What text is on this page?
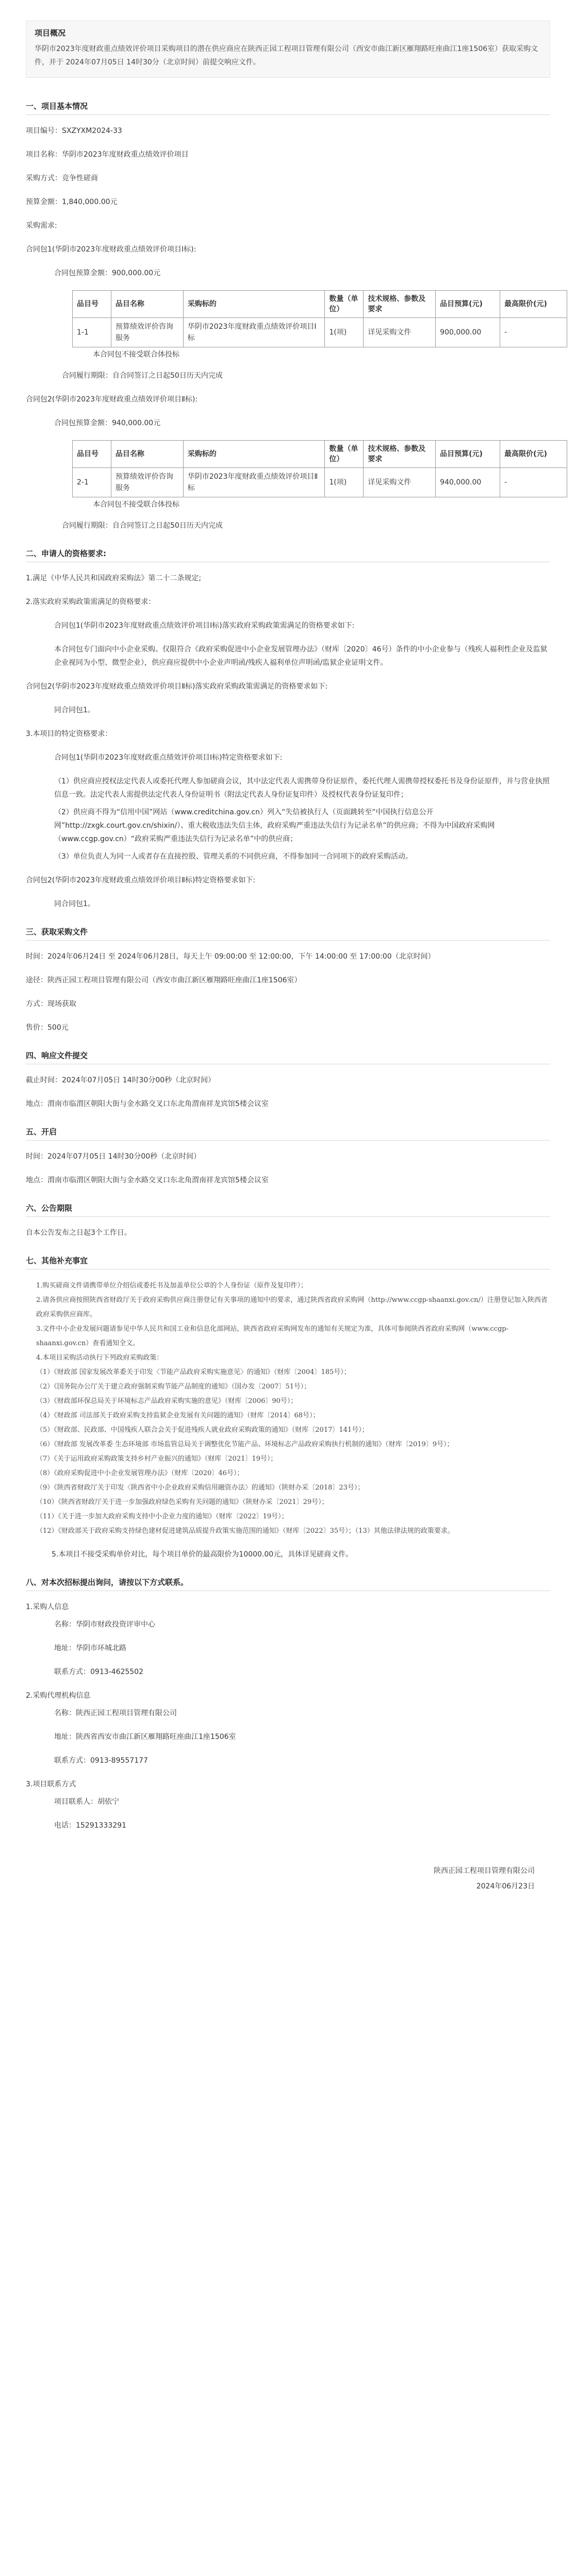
项目概况

华阴市2023年度财政重点绩效评价项目采购项目的潜在供应商应在陕西正园工程项目管理有限公司（西安市曲江新区雁翔路旺座曲江1座1506室）获取采购文件，并于 2024年07月05日 14时30分（北京时间）前提交响应文件。

一、项目基本情况
项目编号：SXZYXM2024-33
项目名称：华阴市2023年度财政重点绩效评价项目
采购方式：竞争性磋商
预算金额：1,840,000.00元
采购需求:
合同包1(华阴市2023年度财政重点绩效评价项目Ⅰ标):
合同包预算金额：900,000.00元
品目号	品目名称	采购标的	数量（单位）	技术规格、参数及要求	品目预算(元)	最高限价(元)
1-1	预算绩效评价咨询服务	华阴市2023年度财政重点绩效评价项目Ⅰ标	1(项)	详见采购文件	900,000.00	-
本合同包不接受联合体投标
合同履行期限：自合同签订之日起50日历天内完成
合同包2(华阴市2023年度财政重点绩效评价项目Ⅱ标):
合同包预算金额：940,000.00元
品目号	品目名称	采购标的	数量（单位）	技术规格、参数及要求	品目预算(元)	最高限价(元)
2-1	预算绩效评价咨询服务	华阴市2023年度财政重点绩效评价项目Ⅱ标	1(项)	详见采购文件	940,000.00	-
本合同包不接受联合体投标
合同履行期限：自合同签订之日起50日历天内完成
二、申请人的资格要求:
1.满足《中华人民共和国政府采购法》第二十二条规定;
2.落实政府采购政策需满足的资格要求：
合同包1(华阴市2023年度财政重点绩效评价项目Ⅰ标)落实政府采购政策需满足的资格要求如下:
本合同包专门面向中小企业采购。仅限符合《政府采购促进中小企业发展管理办法》（财库〔2020〕46号）条件的中小企业参与（残疾人福利性企业及监狱企业视同为小型、微型企业），供应商应提供中小企业声明函/残疾人福利单位声明函/监狱企业证明文件。
合同包2(华阴市2023年度财政重点绩效评价项目Ⅱ标)落实政府采购政策需满足的资格要求如下:
同合同包1。
3.本项目的特定资格要求：
合同包1(华阴市2023年度财政重点绩效评价项目Ⅰ标)特定资格要求如下:
（1）供应商应授权法定代表人或委托代理人参加磋商会议，其中法定代表人需携带身份证原件，委托代理人需携带授权委托书及身份证原件，并与营业执照信息一致。法定代表人需提供法定代表人身份证明书（附法定代表人身份证复印件）及授权代表身份证复印件；
（2）供应商不得为“信用中国”网站（www.creditchina.gov.cn）列入“失信被执行人（页面跳转至“中国执行信息公开网”http://zxgk.court.gov.cn/shixin/）、重大税收违法失信主体，政府采购严重违法失信行为记录名单”的供应商；不得为中国政府采购网（www.ccgp.gov.cn）“政府采购严重违法失信行为记录名单”中的供应商；
（3）单位负责人为同一人或者存在直接控股、管理关系的不同供应商，不得参加同一合同项下的政府采购活动。
合同包2(华阴市2023年度财政重点绩效评价项目Ⅱ标)特定资格要求如下:
同合同包1。
三、获取采购文件
时间：2024年06月24日 至 2024年06月28日，每天上午 09:00:00 至 12:00:00，下午 14:00:00 至 17:00:00（北京时间）
途径：陕西正园工程项目管理有限公司（西安市曲江新区雁翔路旺座曲江1座1506室）
方式：现场获取
售价：500元
四、响应文件提交
截止时间：2024年07月05日 14时30分00秒（北京时间）
地点：渭南市临渭区朝阳大街与金水路交叉口东北角渭南祥龙宾馆5楼会议室
五、开启
时间：2024年07月05日 14时30分00秒（北京时间）
地点：渭南市临渭区朝阳大街与金水路交叉口东北角渭南祥龙宾馆5楼会议室
六、公告期限
自本公告发布之日起3个工作日。
七、其他补充事宜
1.购买磋商文件请携带单位介绍信或委托书及加盖单位公章的个人身份证（原件及复印件）；
2.请各供应商按照陕西省财政厅关于政府采购供应商注册登记有关事项的通知中的要求，通过陕西省政府采购网（http://www.ccgp-shaanxi.gov.cn/）注册登记加入陕西省政府采购供应商库。
3.文件中小企业发展问题请参见中华人民共和国工业和信息化部网站，陕西省政府采购网发布的通知有关规定为准，具体可参阅陕西省政府采购网（www.ccgp-shaanxi.gov.cn）查看通知全文。
4.本项目采购活动执行下列政府采购政策：
（1）《财政部 国家发展改革委关于印发〈节能产品政府采购实施意见〉的通知》（财库〔2004〕185号）；
（2）《国务院办公厅关于建立政府强制采购节能产品制度的通知》（国办发〔2007〕51号）；
（3）《财政部环保总局关于环境标志产品政府采购实施的意见》（财库〔2006〕90号）；
（4）《财政部 司法部关于政府采购支持监狱企业发展有关问题的通知》（财库〔2014〕68号）；
（5）《财政部、民政部、中国残疾人联合会关于促进残疾人就业政府采购政策的通知》（财库〔2017〕141号）；
（6）《财政部 发展改革委 生态环境部 市场监管总局关于调整优化节能产品、环境标志产品政府采购执行机制的通知》（财库〔2019〕9号）；
（7）《关于运用政府采购政策支持乡村产业振兴的通知》（财库〔2021〕19号）；
（8）《政府采购促进中小企业发展管理办法》（财库〔2020〕46号）；
（9）《陕西省财政厅关于印发〈陕西省中小企业政府采购信用融资办法〉的通知》（陕财办采〔2018〕23号）；
（10）《陕西省财政厅关于进一步加强政府绿色采购有关问题的通知》（陕财办采〔2021〕29号）；
（11）《关于进一步加大政府采购支持中小企业力度的通知》（财库〔2022〕19号）；
（12）《财政部关于政府采购支持绿色建材促进建筑品质提升政策实施范围的通知》（财库〔2022〕35号）；（13）其他法律法规的政策要求。
5.本项目不接受采购单价对比，每个项目单价的最高限价为10000.00元，具体详见磋商文件。
八、对本次招标提出询问，请按以下方式联系。
1.采购人信息
名称：华阴市财政投资评审中心
地址：华阴市环城北路
联系方式：0913-4625502
2.采购代理机构信息
名称：陕西正园工程项目管理有限公司
地址：陕西省西安市曲江新区雁翔路旺座曲江1座1506室
联系方式：0913-89557177
3.项目联系方式
项目联系人：胡依宁
电话：15291333291
陕西正园工程项目管理有限公司
2024年06月23日
